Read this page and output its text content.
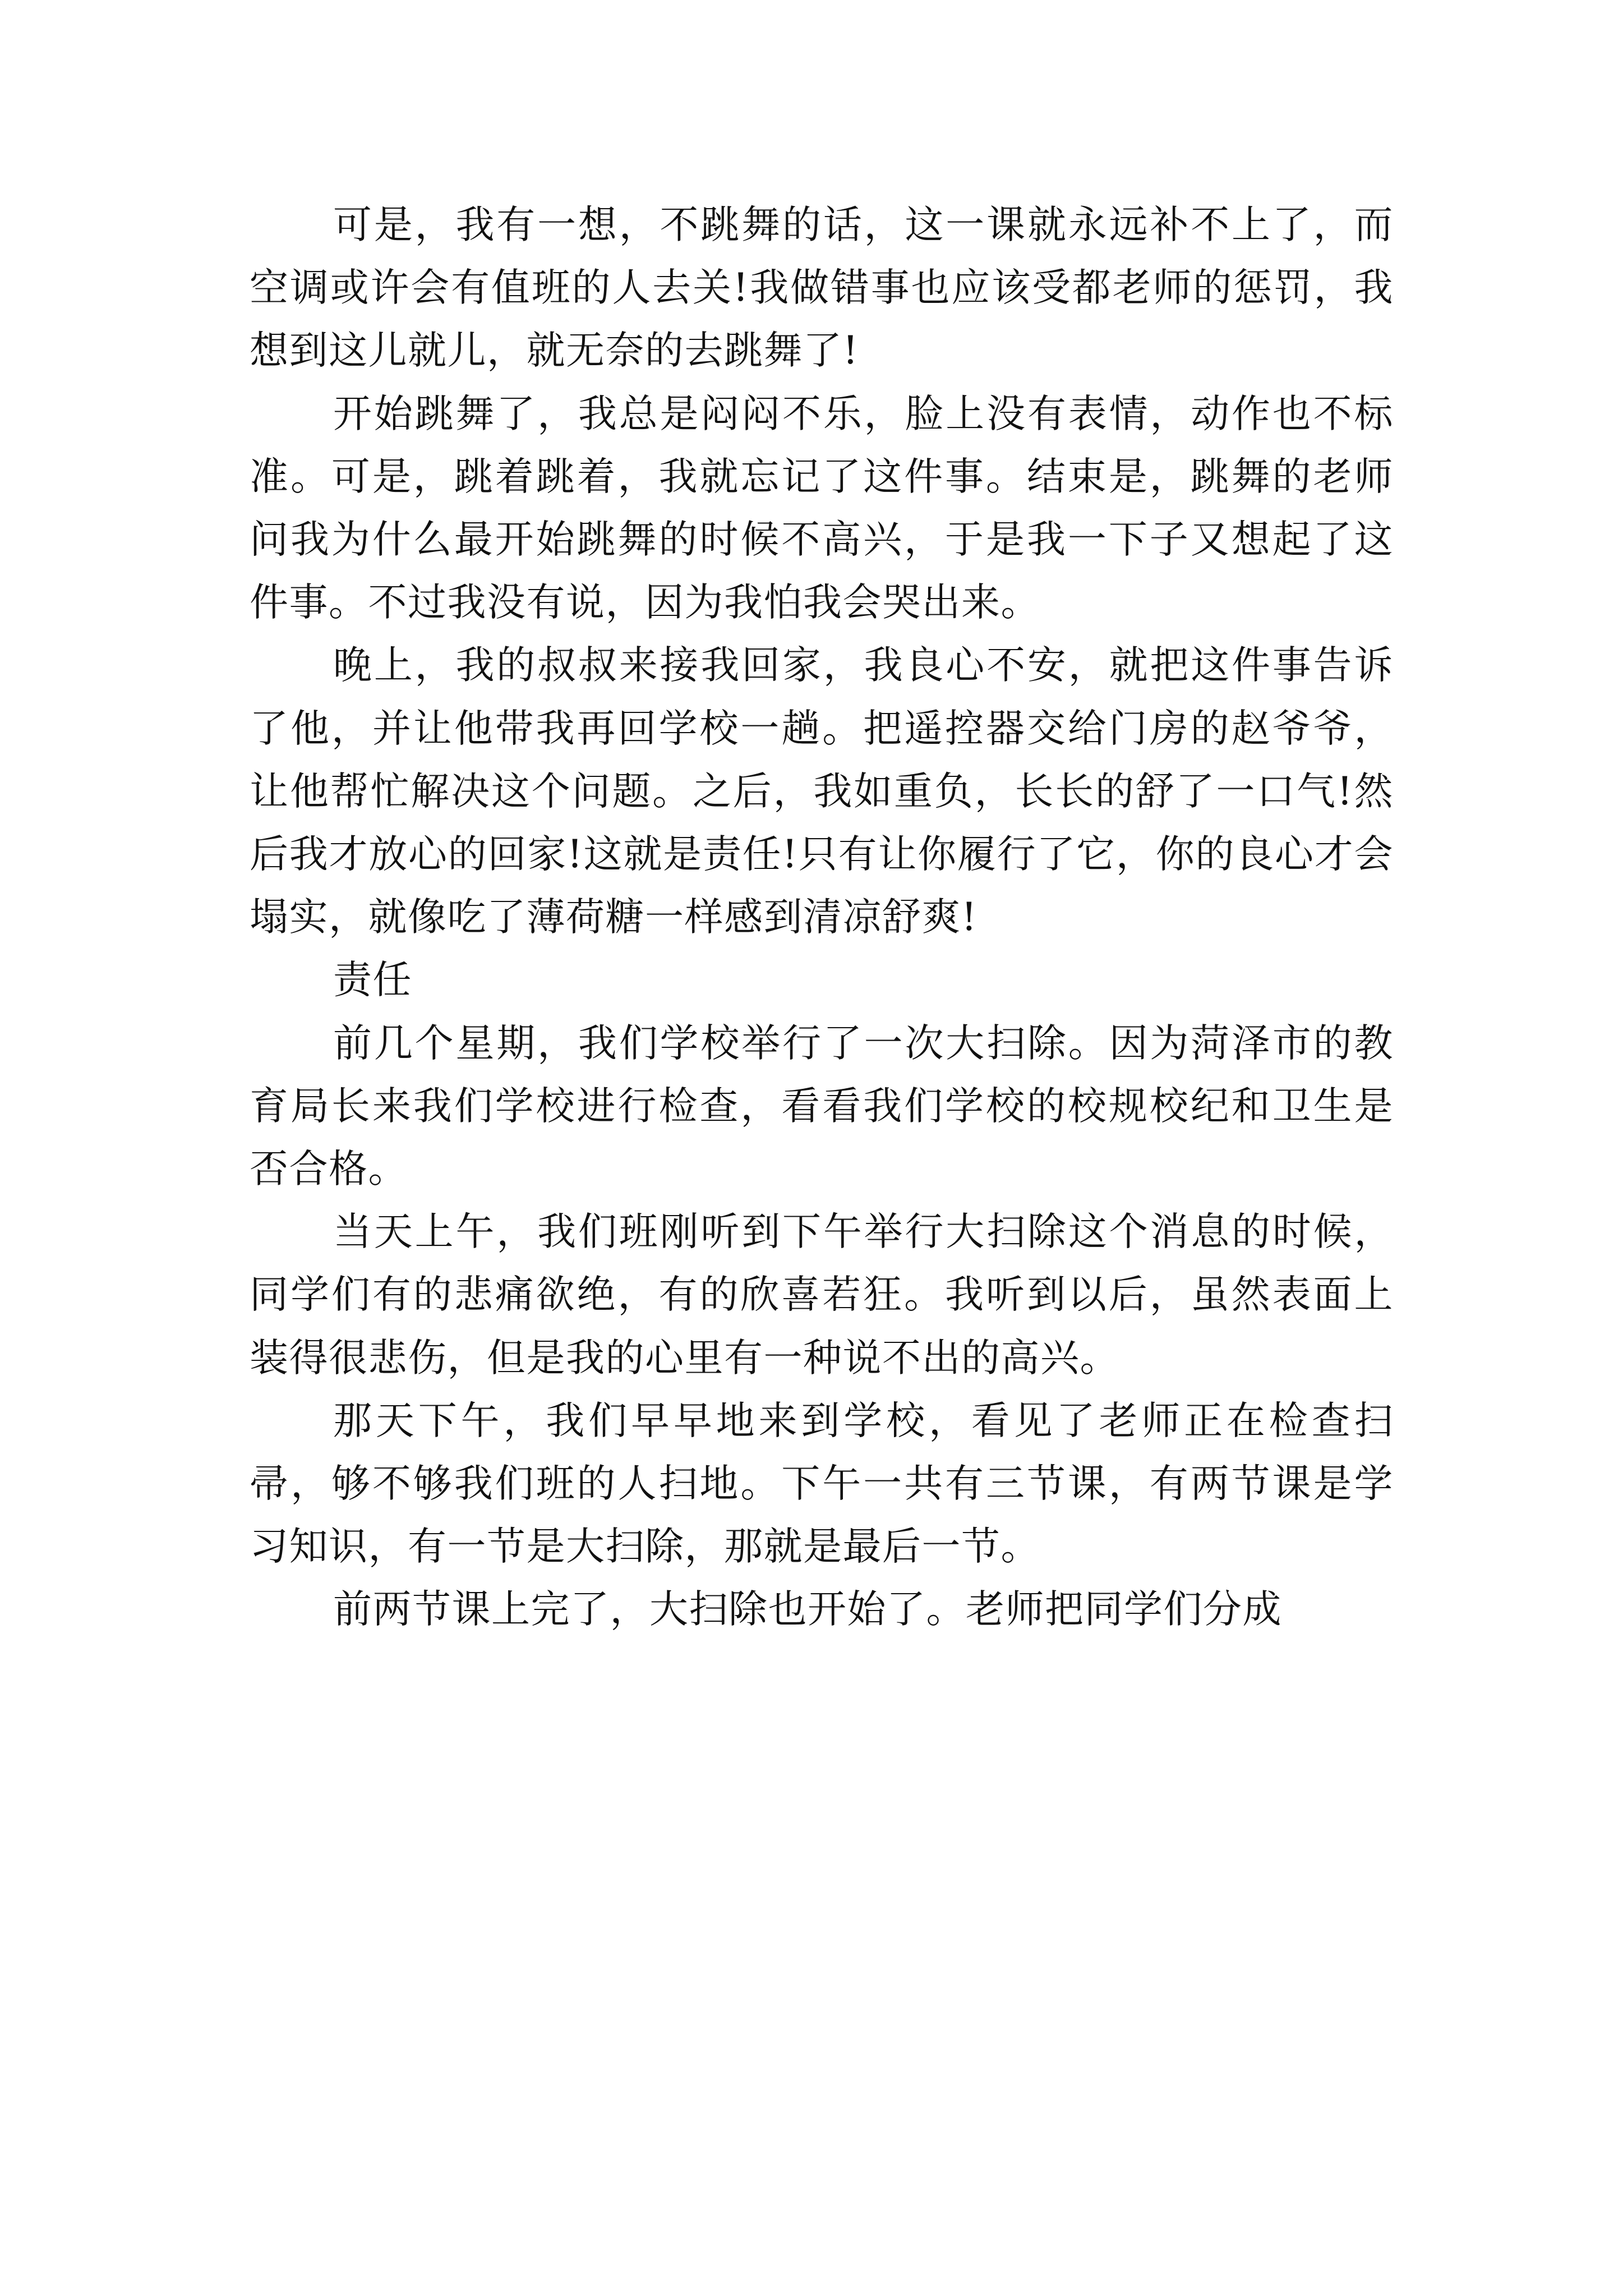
可是，我有一想，不跳舞的话，这一课就永远补不上了，而空调或许会有值班的人去关!我做错事也应该受都老师的惩罚，我想到这儿就儿，就无奈的去跳舞了!

开始跳舞了，我总是闷闷不乐，脸上没有表情，动作也不标准。可是，跳着跳着，我就忘记了这件事。结束是，跳舞的老师问我为什么最开始跳舞的时候不高兴，于是我一下子又想起了这件事。不过我没有说，因为我怕我会哭出来。

晚上，我的叔叔来接我回家，我良心不安，就把这件事告诉了他，并让他带我再回学校一趟。把遥控器交给门房的赵爷爷，让他帮忙解决这个问题。之后，我如重负，长长的舒了一口气!然后我才放心的回家!这就是责任!只有让你履行了它，你的良心才会塌实，就像吃了薄荷糖一样感到清凉舒爽!

责任

前几个星期，我们学校举行了一次大扫除。因为菏泽市的教育局长来我们学校进行检查，看看我们学校的校规校纪和卫生是否合格。

当天上午，我们班刚听到下午举行大扫除这个消息的时候，同学们有的悲痛欲绝，有的欣喜若狂。我听到以后，虽然表面上装得很悲伤，但是我的心里有一种说不出的高兴。

那天下午，我们早早地来到学校，看见了老师正在检查扫帚，够不够我们班的人扫地。下午一共有三节课，有两节课是学习知识，有一节是大扫除，那就是最后一节。

前两节课上完了，大扫除也开始了。老师把同学们分成
